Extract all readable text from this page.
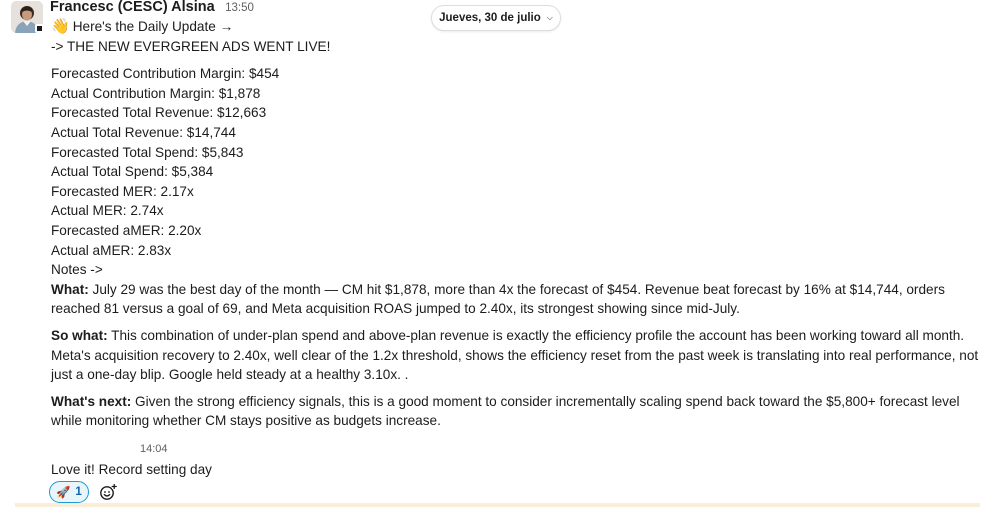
Francesc (CESC) Alsina 13:50
Jueves, 30 de julio ⌵
👋 Here's the Daily Update →
-> THE NEW EVERGREEN ADS WENT LIVE!
Forecasted Contribution Margin: $454
Actual Contribution Margin: $1,878
Forecasted Total Revenue: $12,663
Actual Total Revenue: $14,744
Forecasted Total Spend: $5,843
Actual Total Spend: $5,384
Forecasted MER: 2.17x
Actual MER: 2.74x
Forecasted aMER: 2.20x
Actual aMER: 2.83x
Notes ->

What: July 29 was the best day of the month — CM hit $1,878, more than 4x the forecast of $454. Revenue beat forecast by 16% at $14,744, orders reached 81 versus a goal of 69, and Meta acquisition ROAS jumped to 2.40x, its strongest showing since mid-July.

So what: This combination of under-plan spend and above-plan revenue is exactly the efficiency profile the account has been working toward all month. Meta's acquisition recovery to 2.40x, well clear of the 1.2x threshold, shows the efficiency reset from the past week is translating into real performance, not just a one-day blip. Google held steady at a healthy 3.10x. .

What's next: Given the strong efficiency signals, this is a good moment to consider incrementally scaling spend back toward the $5,800+ forecast level while monitoring whether CM stays positive as budgets increase.

14:04
Love it! Record setting day
🚀 1
